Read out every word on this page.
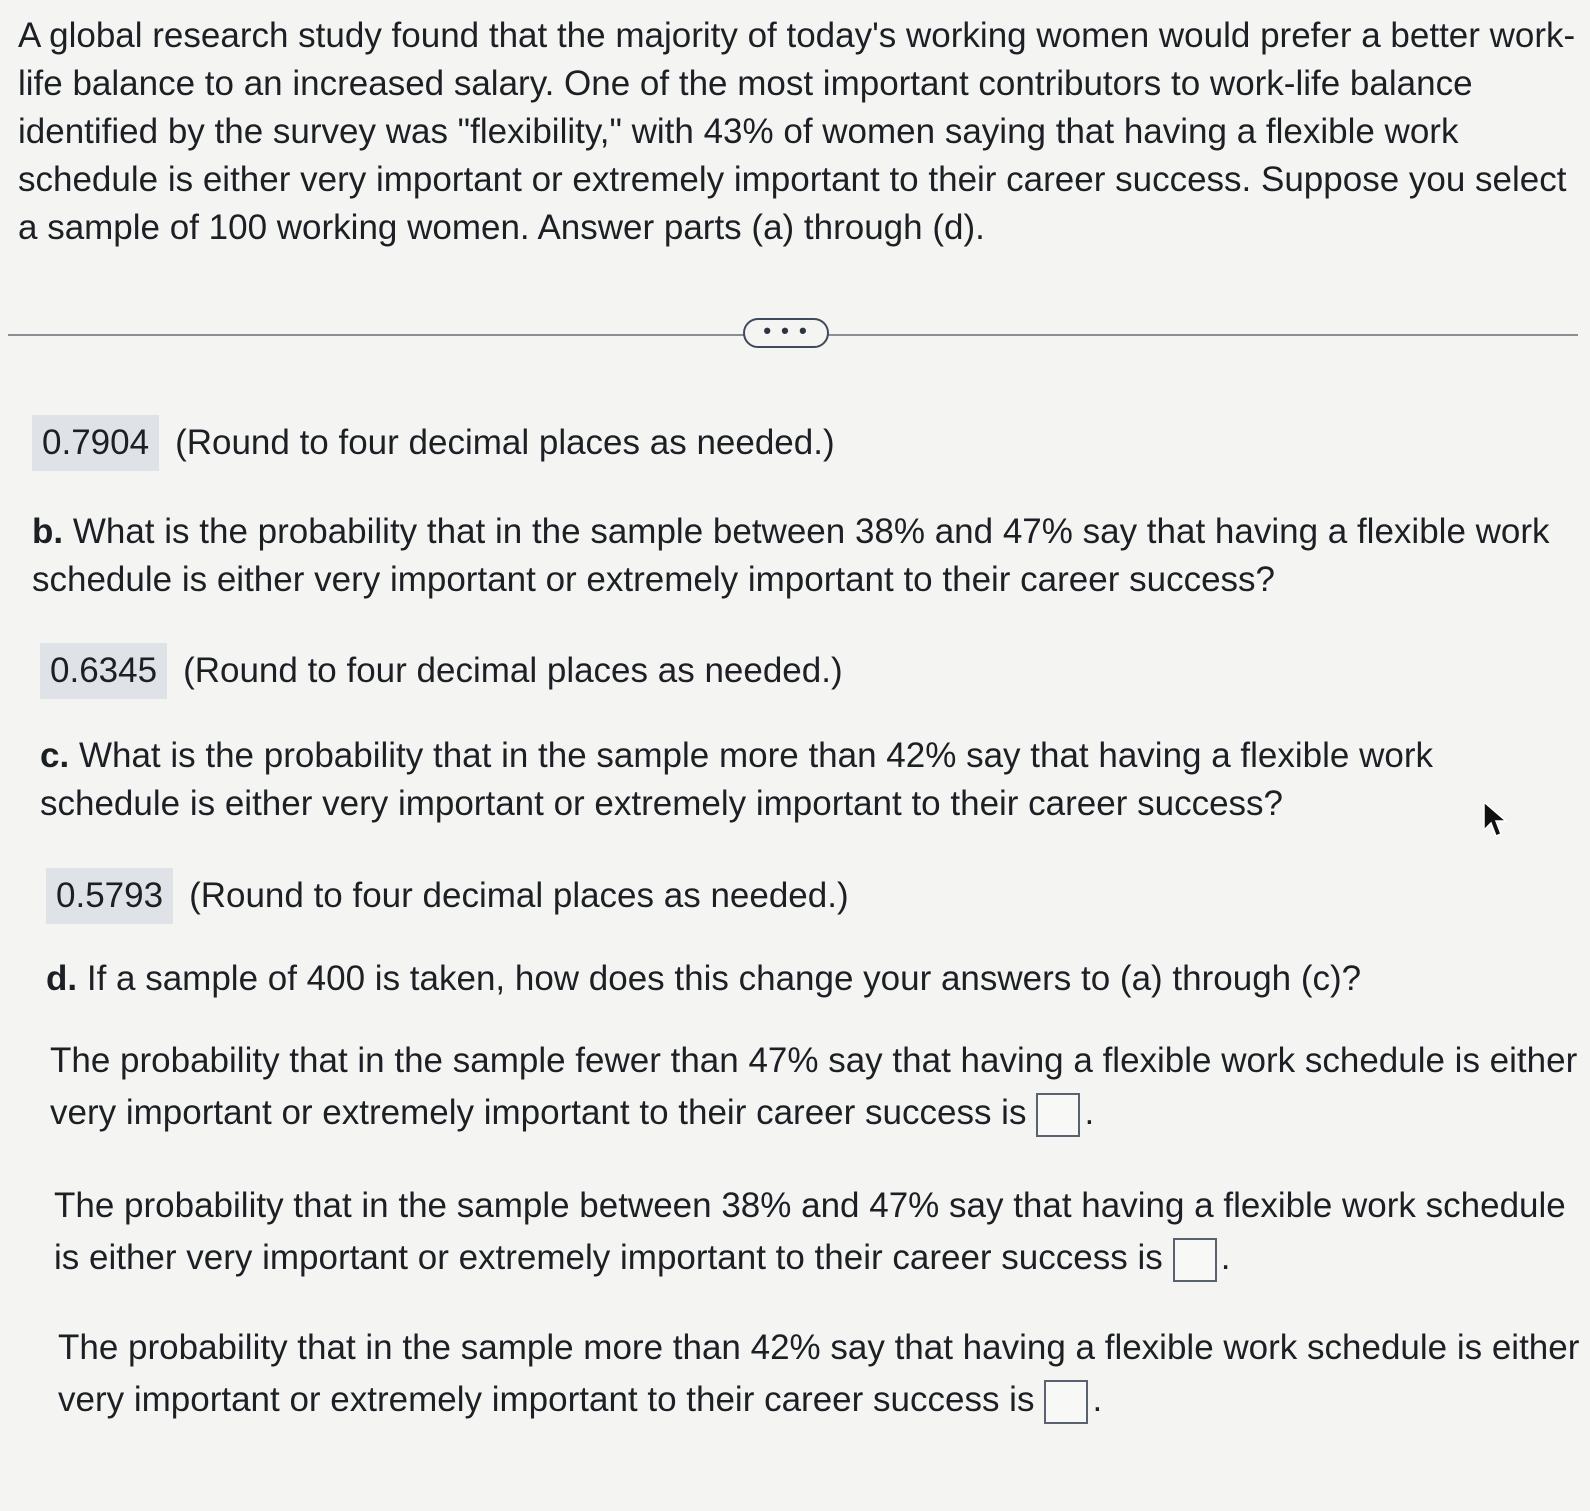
A global research study found that the majority of today's working women would prefer a better work-life balance to an increased salary. One of the most important contributors to work-life balance identified by the survey was "flexibility," with 43% of women saying that having a flexible work schedule is either very important or extremely important to their career success. Suppose you select a sample of 100 working women. Answer parts (a) through (d).
• • •
0.7904 (Round to four decimal places as needed.)
b. What is the probability that in the sample between 38% and 47% say that having a flexible work schedule is either very important or extremely important to their career success?
0.6345 (Round to four decimal places as needed.)
c. What is the probability that in the sample more than 42% say that having a flexible work schedule is either very important or extremely important to their career success?
0.5793 (Round to four decimal places as needed.)
d. If a sample of 400 is taken, how does this change your answers to (a) through (c)?
The probability that in the sample fewer than 47% say that having a flexible work schedule is either very important or extremely important to their career success is .
The probability that in the sample between 38% and 47% say that having a flexible work schedule is either very important or extremely important to their career success is .
The probability that in the sample more than 42% say that having a flexible work schedule is either very important or extremely important to their career success is .
